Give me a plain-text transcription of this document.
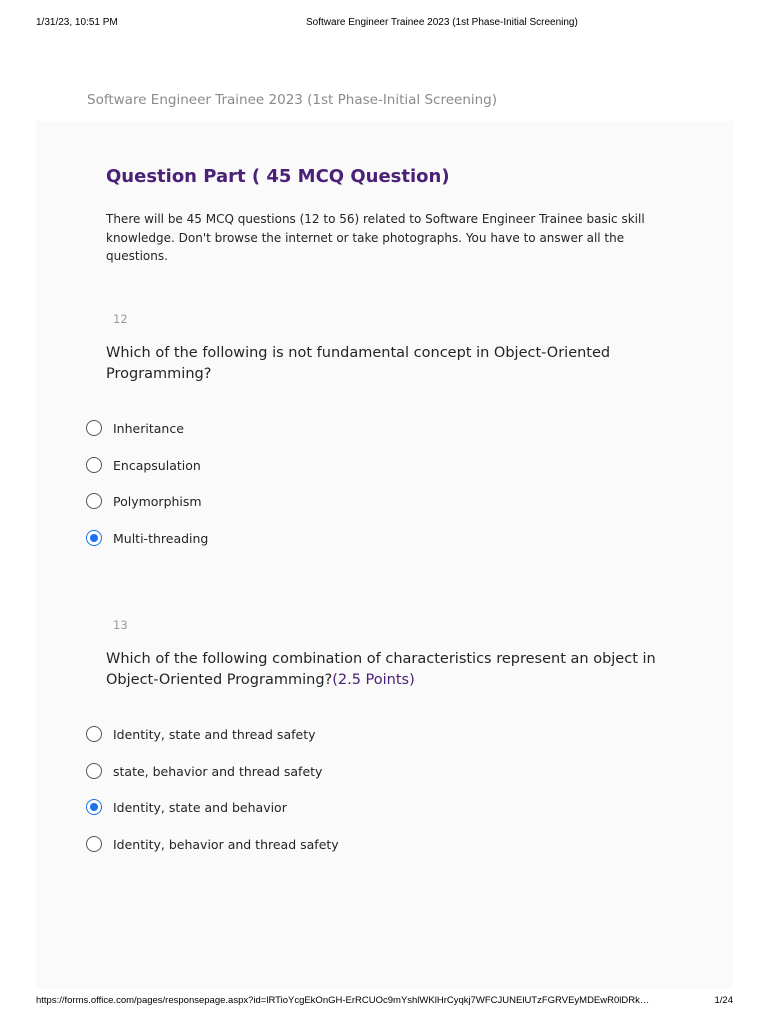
1/31/23, 10:51 PM	Software Engineer Trainee 2023 (1st Phase-Initial Screening)
Software Engineer Trainee 2023 (1st Phase-Initial Screening)
Question Part ( 45 MCQ Question)
There will be 45 MCQ questions (12 to 56) related to Software Engineer Trainee basic skill knowledge. Don't browse the internet or take photographs. You have to answer all the questions.
12
Which of the following is not fundamental concept in Object-Oriented Programming?
Inheritance
Encapsulation
Polymorphism
Multi-threading
13
Which of the following combination of characteristics represent an object in Object-Oriented Programming?(2.5 Points)
Identity, state and thread safety
state, behavior and thread safety
Identity, state and behavior
Identity, behavior and thread safety
https://forms.office.com/pages/responsepage.aspx?id=lRTioYcgEkOnGH-ErRCUOc9mYshlWKlHrCyqkj7WFCJUNElUTzFGRVEyMDEwR0lDRk…	1/24
